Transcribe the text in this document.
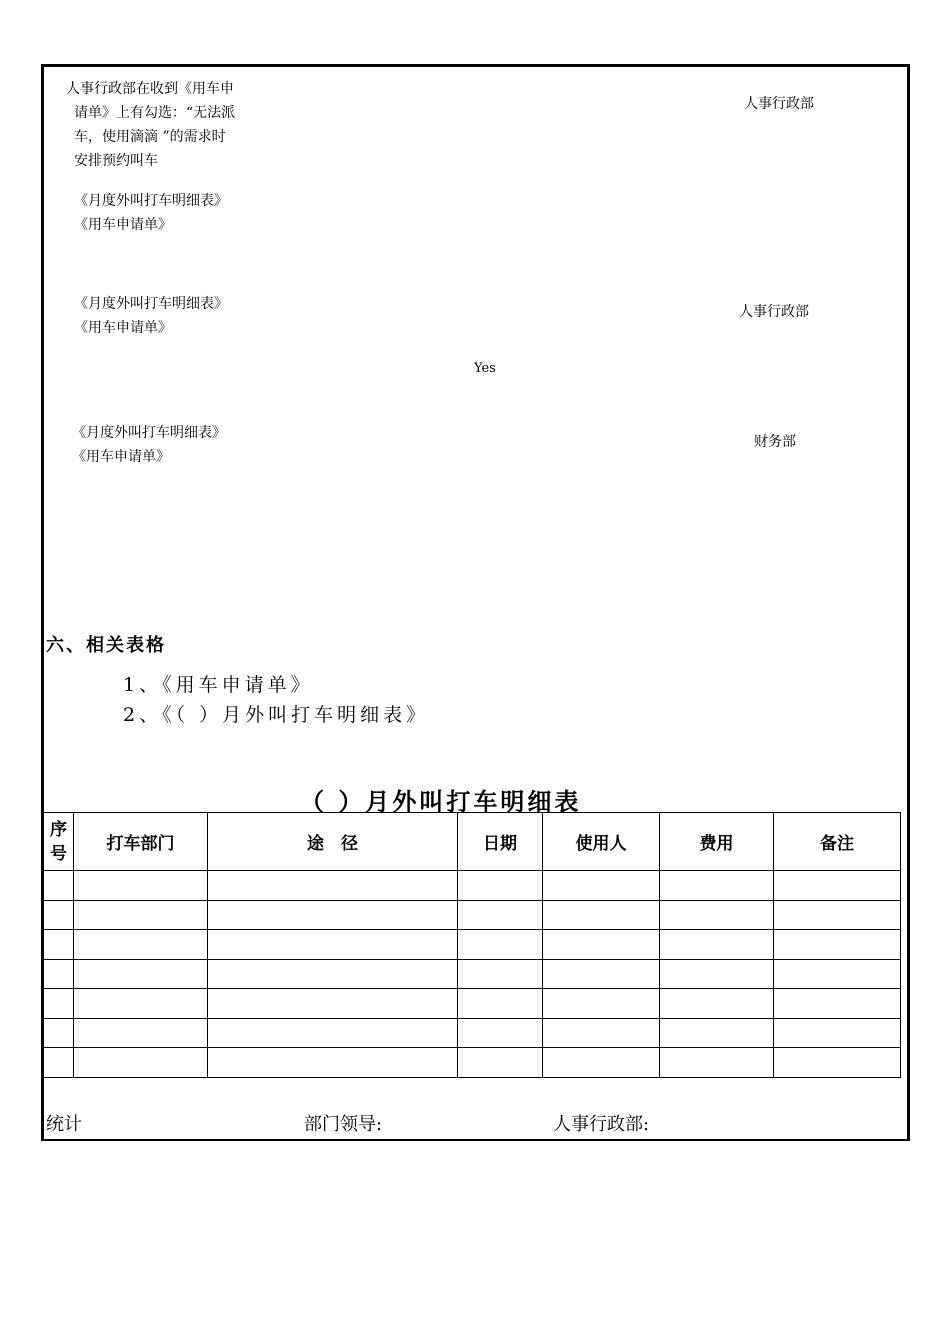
人事行政部在收到《用车申
请单》上有勾选：“无法派
车，使用滴滴 ”的需求时
安排预约叫车
人事行政部
《月度外叫打车明细表》
《用车申请单》
《月度外叫打车明细表》
《用车申请单》
人事行政部
Yes
《月度外叫打车明细表》
《用车申请单》
财务部
六、相关表格
1、《用车申请单》
2、《（ ）月外叫打车明细表》
（ ）月外叫打车明细表
序
号	打车部门	途　径	日期	使用人	费用	备注

统计	部门领导:	人事行政部:
